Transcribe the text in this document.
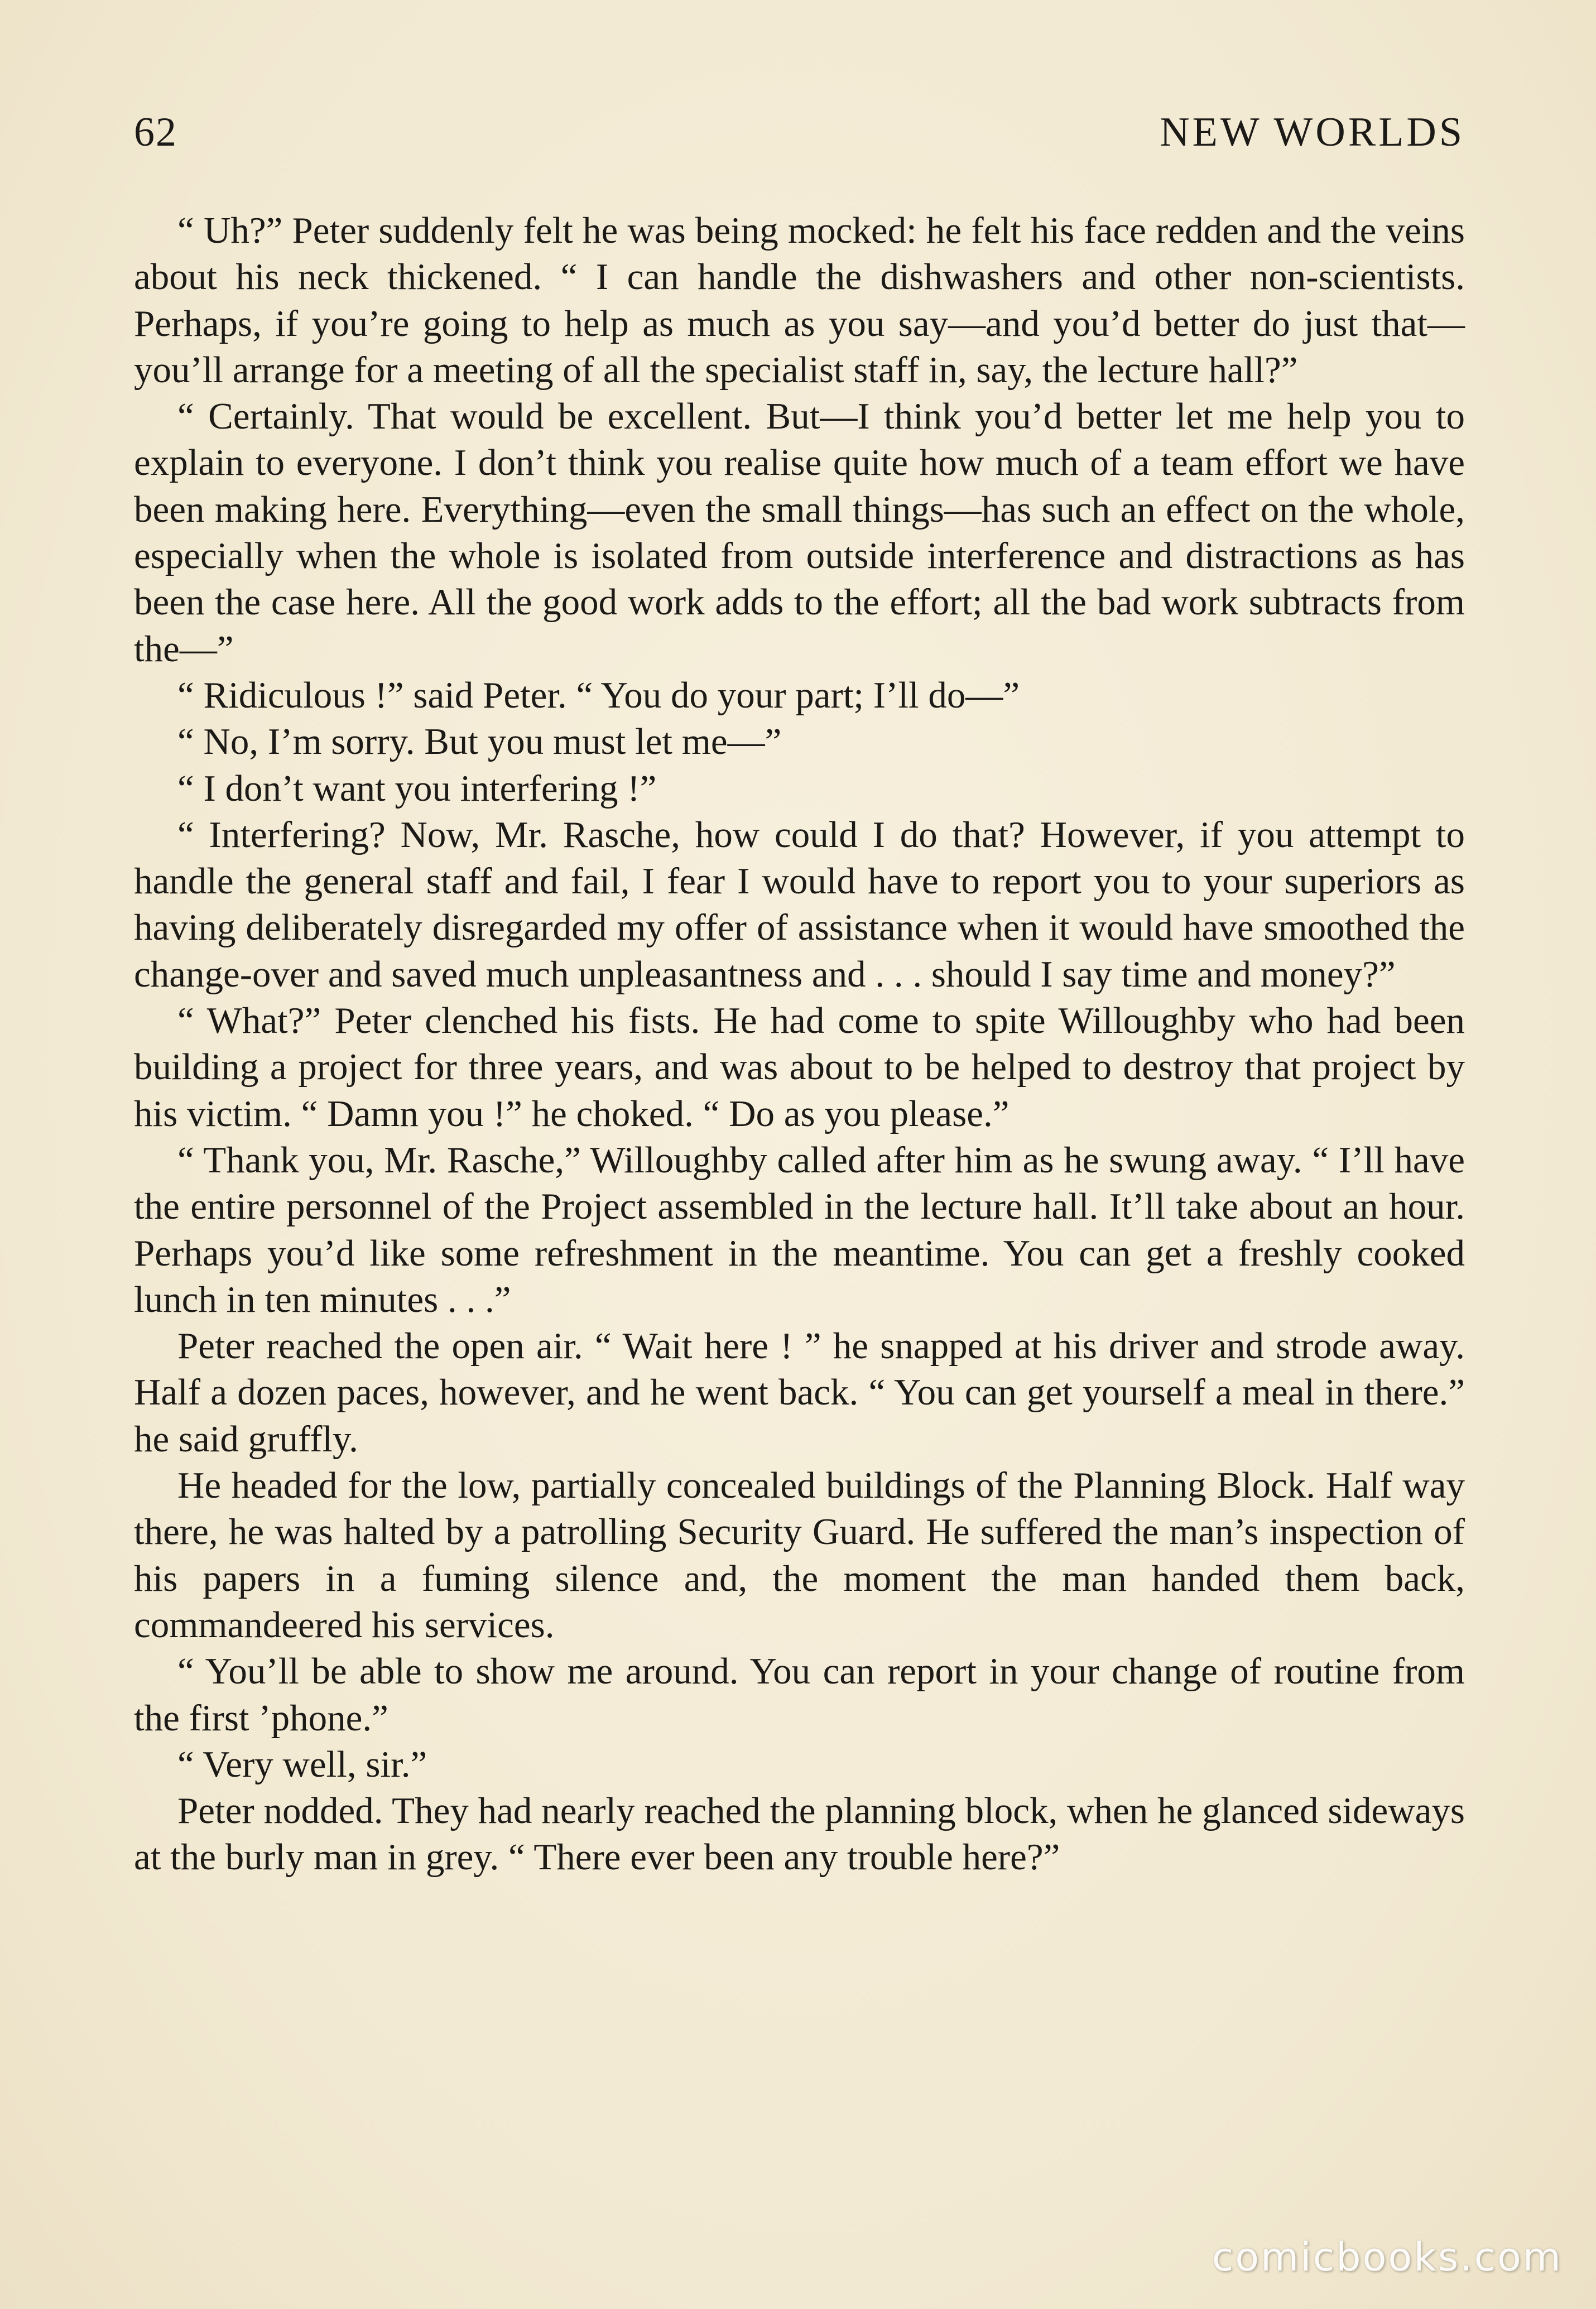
62	NEW WORLDS

“ Uh?” Peter suddenly felt he was being mocked: he felt his face redden and the veins about his neck thickened. “ I can handle the dishwashers and other non-scientists. Perhaps, if you’re going to help as much as you say—and you’d better do just that—you’ll arrange for a meeting of all the specialist staff in, say, the lecture hall?”

“ Certainly. That would be excellent. But—I think you’d better let me help you to explain to everyone. I don’t think you realise quite how much of a team effort we have been making here. Everything—even the small things—has such an effect on the whole, especially when the whole is isolated from outside interference and distractions as has been the case here. All the good work adds to the effort; all the bad work subtracts from the—”

“ Ridiculous !” said Peter. “ You do your part; I’ll do—”

“ No, I’m sorry. But you must let me—”

“ I don’t want you interfering !”

“ Interfering? Now, Mr. Rasche, how could I do that? However, if you attempt to handle the general staff and fail, I fear I would have to report you to your superiors as having deliberately disregarded my offer of assistance when it would have smoothed the change-over and saved much unpleasantness and . . . should I say time and money?”

“ What?” Peter clenched his fists. He had come to spite Willoughby who had been building a project for three years, and was about to be helped to destroy that project by his victim. “ Damn you !” he choked. “ Do as you please.”

“ Thank you, Mr. Rasche,” Willoughby called after him as he swung away. “ I’ll have the entire personnel of the Project assembled in the lecture hall. It’ll take about an hour. Perhaps you’d like some refreshment in the meantime. You can get a freshly cooked lunch in ten minutes . . .”

Peter reached the open air. “ Wait here ! ” he snapped at his driver and strode away. Half a dozen paces, however, and he went back. “ You can get yourself a meal in there.” he said gruffly.

He headed for the low, partially concealed buildings of the Planning Block. Half way there, he was halted by a patrolling Security Guard. He suffered the man’s inspection of his papers in a fuming silence and, the moment the man handed them back, commandeered his services.

“ You’ll be able to show me around. You can report in your change of routine from the first ’phone.”

“ Very well, sir.”

Peter nodded. They had nearly reached the planning block, when he glanced sideways at the burly man in grey. “ There ever been any trouble here?”

comicbooks.com
